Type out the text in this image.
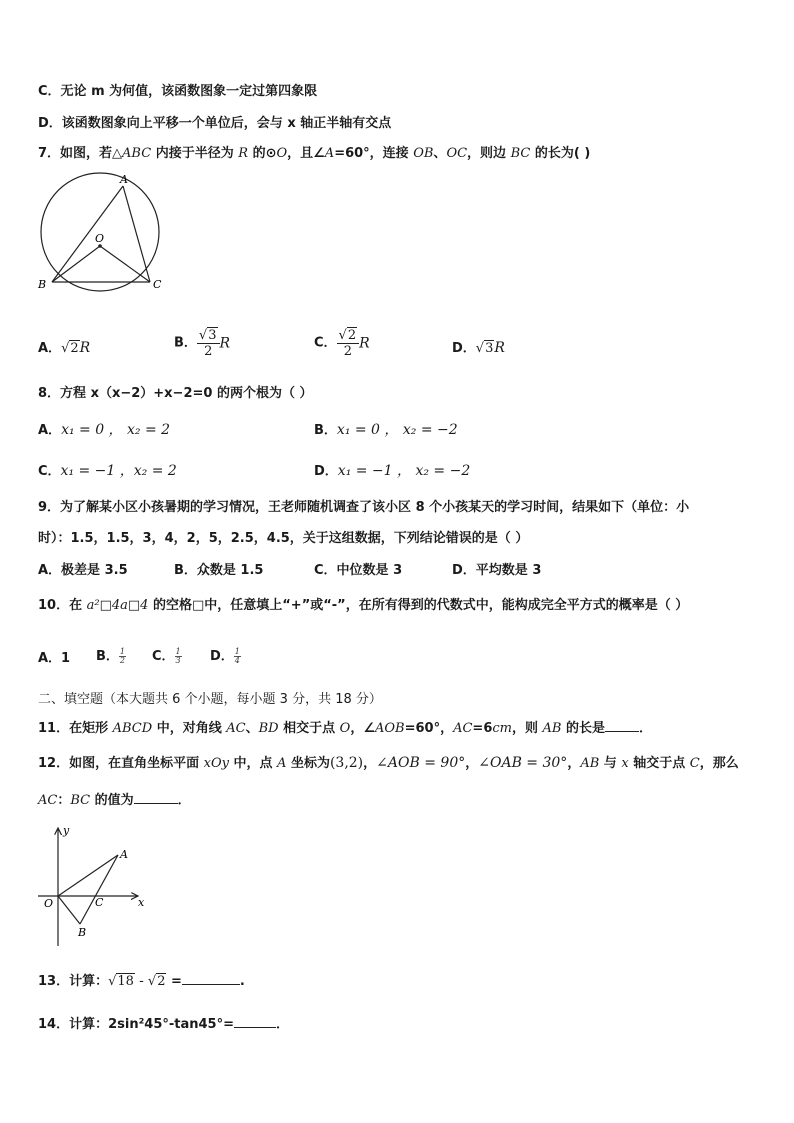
C．无论 m 为何值，该函数图象一定过第四象限
D．该函数图象向上平移一个单位后，会与 x 轴正半轴有交点
7．如图，若△ABC 内接于半径为 R 的⊙O，且∠A=60°，连接 OB、OC，则边 BC 的长为( )
A
O
B	C
A．√2R	B． $\frac{√3}{2}$ R	C． $\frac{√2}{2}$ R	D．√3R
8．方程 x（x−2）+x−2=0 的两个根为（ ）
A．x₁ = 0 ， x₂ = 2	B．x₁ = 0 ， x₂ = −2
C．x₁ = −1 ，x₂ = 2	D．x₁ = −1 ， x₂ = −2
9．为了解某小区小孩暑期的学习情况，王老师随机调查了该小区 8 个小孩某天的学习时间，结果如下（单位：小
时）：1.5，1.5，3，4，2，5，2.5，4.5，关于这组数据，下列结论错误的是（ ）
A．极差是 3.5	B．众数是 1.5	C．中位数是 3	D．平均数是 3
10．在 a²□4a□4 的空格□中，任意填上“+”或“-”，在所有得到的代数式中，能构成完全平方式的概率是（ ）
A．1 B． $\frac{1}{2}$ C． $\frac{1}{3}$ D． $\frac{1}{4}$
二、填空题（本大题共 6 个小题，每小题 3 分，共 18 分）
11．在矩形 ABCD 中，对角线 AC、BD 相交于点 O，∠AOB=60°，AC=6cm，则 AB 的长是	．
12．如图，在直角坐标平面 xOy 中，点 A 坐标为(3,2)，∠AOB = 90°，∠OAB = 30°，AB 与 x 轴交于点 C，那么
AC：BC 的值为	．
y
x
O
A
C
B
13．计算：√18 - √2 =	.
14．计算：2sin²45°-tan45°=	．
